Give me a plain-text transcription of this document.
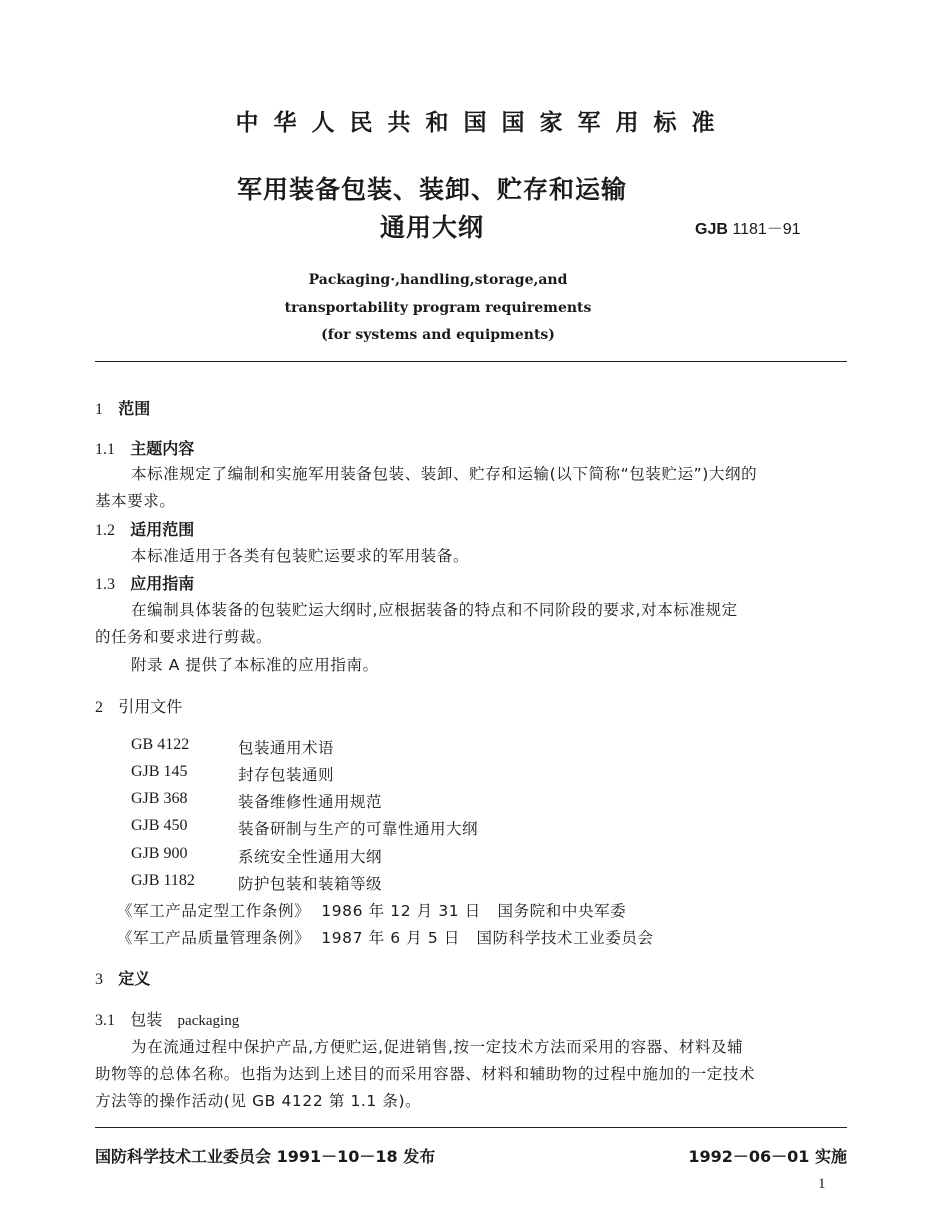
中华人民共和国国家军用标准
军用装备包装、装卸、贮存和运输
通用大纲	GJB 1181－91
Packaging·,handling,storage,and
transportability program requirements
(for systems and equipments)
1 范围
1.1 主题内容
本标准规定了编制和实施军用装备包装、装卸、贮存和运输(以下简称“包装贮运”)大纲的
基本要求。
1.2 适用范围
本标准适用于各类有包装贮运要求的军用装备。
1.3 应用指南
在编制具体装备的包装贮运大纲时,应根据装备的特点和不同阶段的要求,对本标准规定
的任务和要求进行剪裁。
附录 A 提供了本标准的应用指南。
2 引用文件
GB 4122	包装通用术语
GJB 145	封存包装通则
GJB 368	装备维修性通用规范
GJB 450	装备研制与生产的可靠性通用大纲
GJB 900	系统安全性通用大纲
GJB 1182	防护包装和装箱等级
《军工产品定型工作条例》  1986 年 12 月 31 日   国务院和中央军委
《军工产品质量管理条例》  1987 年 6 月 5 日   国防科学技术工业委员会
3 定义
3.1 包装 packaging
为在流通过程中保护产品,方便贮运,促进销售,按一定技术方法而采用的容器、材料及辅
助物等的总体名称。也指为达到上述目的而采用容器、材料和辅助物的过程中施加的一定技术
方法等的操作活动(见 GB 4122 第 1.1 条)。
国防科学技术工业委员会 1991－10－18 发布	1992－06－01 实施
1
